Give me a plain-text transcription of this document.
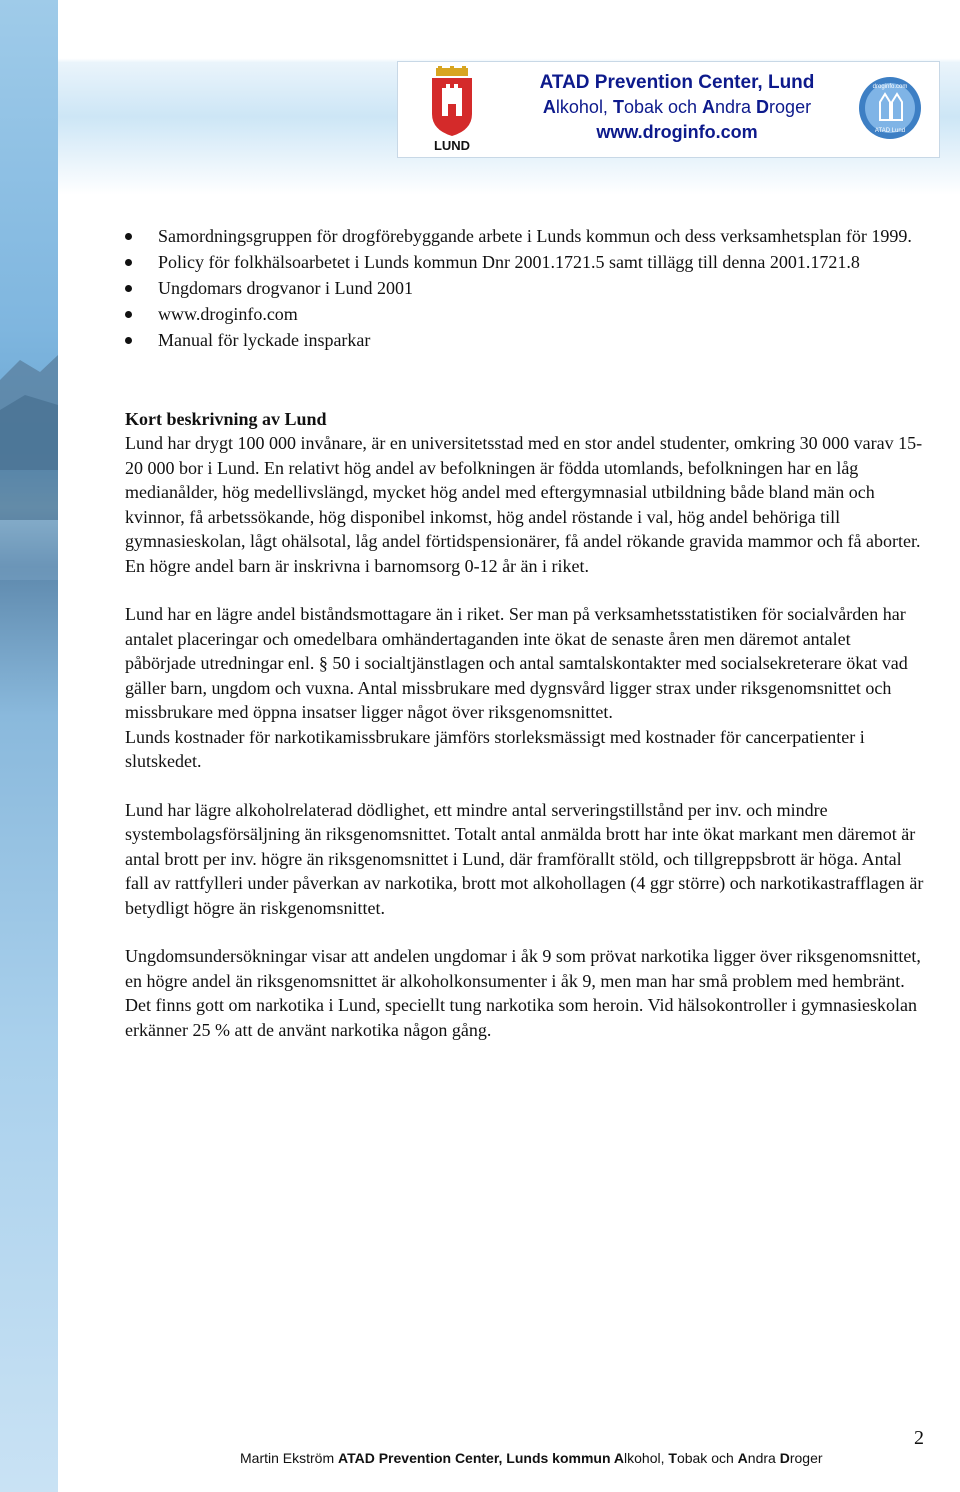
LUND
ATAD Prevention Center, Lund
Alkohol, Tobak och Andra Droger
www.droginfo.com
droginfo.com
ATAD Lund
Samordningsgruppen för drogförebyggande arbete i Lunds kommun och dess verksamhetsplan för 1999.
Policy för folkhälsoarbetet i Lunds kommun Dnr 2001.1721.5 samt tillägg till denna 2001.1721.8
Ungdomars drogvanor i Lund 2001
www.droginfo.com
Manual för lyckade insparkar
Kort beskrivning av Lund

Lund har drygt 100 000 invånare, är en universitetsstad med en stor andel studenter, omkring 30 000 varav 15-20 000 bor i Lund. En relativt hög andel av befolkningen är födda utomlands, befolkningen har en låg medianålder, hög medellivslängd, mycket hög andel med eftergymnasial utbildning både bland män och kvinnor, få arbetssökande, hög disponibel inkomst, hög andel röstande i val, hög andel behöriga till gymnasieskolan, lågt ohälsotal, låg andel förtidspensionärer, få andel rökande gravida mammor och få aborter. En högre andel barn är inskrivna i barnomsorg 0-12 år än i riket.

Lund har en lägre andel biståndsmottagare än i riket. Ser man på verksamhetsstatistiken för socialvården har antalet placeringar och omedelbara omhändertaganden inte ökat de senaste åren men däremot antalet påbörjade utredningar enl. § 50 i socialtjänstlagen och antal samtalskontakter med socialsekreterare ökat vad gäller barn, ungdom och vuxna. Antal missbrukare med dygnsvård ligger strax under riksgenomsnittet och missbrukare med öppna insatser ligger något över riksgenomsnittet.

Lunds kostnader för narkotikamissbrukare jämförs storleksmässigt med kostnader för cancerpatienter i slutskedet.

Lund har lägre alkoholrelaterad dödlighet, ett mindre antal serveringstillstånd per inv. och mindre systembolagsförsäljning än riksgenomsnittet. Totalt antal anmälda brott har inte ökat markant men däremot är antal brott per inv. högre än riksgenomsnittet i Lund, där framförallt stöld, och tillgreppsbrott är höga. Antal fall av rattfylleri under påverkan av narkotika, brott mot alkohollagen (4 ggr större) och narkotikastrafflagen är betydligt högre än riskgenomsnittet.

Ungdomsundersökningar visar att andelen ungdomar i åk 9 som prövat narkotika ligger över riksgenomsnittet, en högre andel än riksgenomsnittet är alkoholkonsumenter i åk 9, men man har små problem med hembränt. Det finns gott om narkotika i Lund, speciellt tung narkotika som heroin. Vid hälsokontroller i gymnasieskolan erkänner 25 % att de använt narkotika någon gång.

2
Martin Ekström ATAD Prevention Center, Lunds kommun Alkohol, Tobak och Andra Droger
